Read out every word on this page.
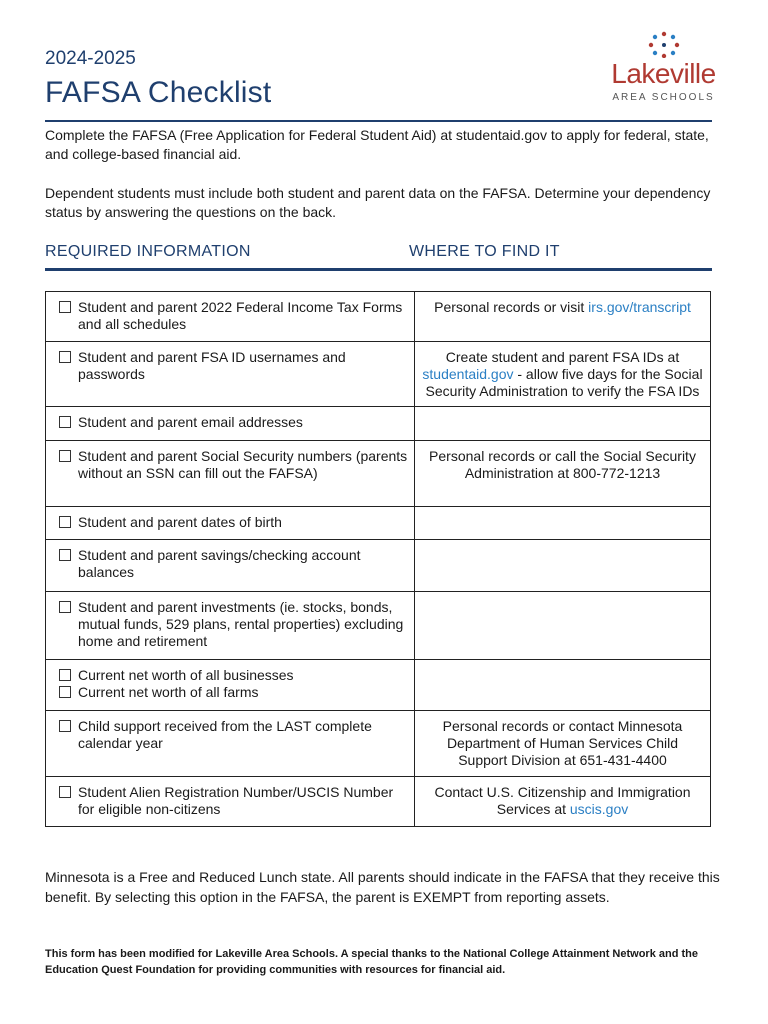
2024-2025
FAFSA Checklist
Lakeville
AREA SCHOOLS
Complete the FAFSA (Free Application for Federal Student Aid) at studentaid.gov to apply for federal, state, and college-based financial aid.
Dependent students must include both student and parent data on the FAFSA. Determine your dependency status by answering the questions on the back.
REQUIRED INFORMATION	WHERE TO FIND IT
Student and parent 2022 Federal Income Tax Forms and all schedules	Personal records or visit irs.gov/transcript

Student and parent FSA ID usernames and passwords	Create student and parent FSA IDs at studentaid.gov - allow five days for the Social Security Administration to verify the FSA IDs

Student and parent email addresses	

Student and parent Social Security numbers (parents without an SSN can fill out the FAFSA)	Personal records or call the Social Security Administration at 800-772-1213

Student and parent dates of birth	

Student and parent savings/checking account balances	

Student and parent investments (ie. stocks, bonds, mutual funds, 529 plans, rental properties) excluding home and retirement	

Current net worth of all businesses
Current net worth of all farms	

Child support received from the LAST complete calendar year	Personal records or contact Minnesota Department of Human Services Child Support Division at 651-431-4400

Student Alien Registration Number/USCIS Number for eligible non-citizens	Contact U.S. Citizenship and Immigration Services at uscis.gov
Minnesota is a Free and Reduced Lunch state. All parents should indicate in the FAFSA that they receive this benefit. By selecting this option in the FAFSA, the parent is EXEMPT from reporting assets.
This form has been modified for Lakeville Area Schools. A special thanks to the National College Attainment Network and the Education Quest Foundation for providing communities with resources for financial aid.
